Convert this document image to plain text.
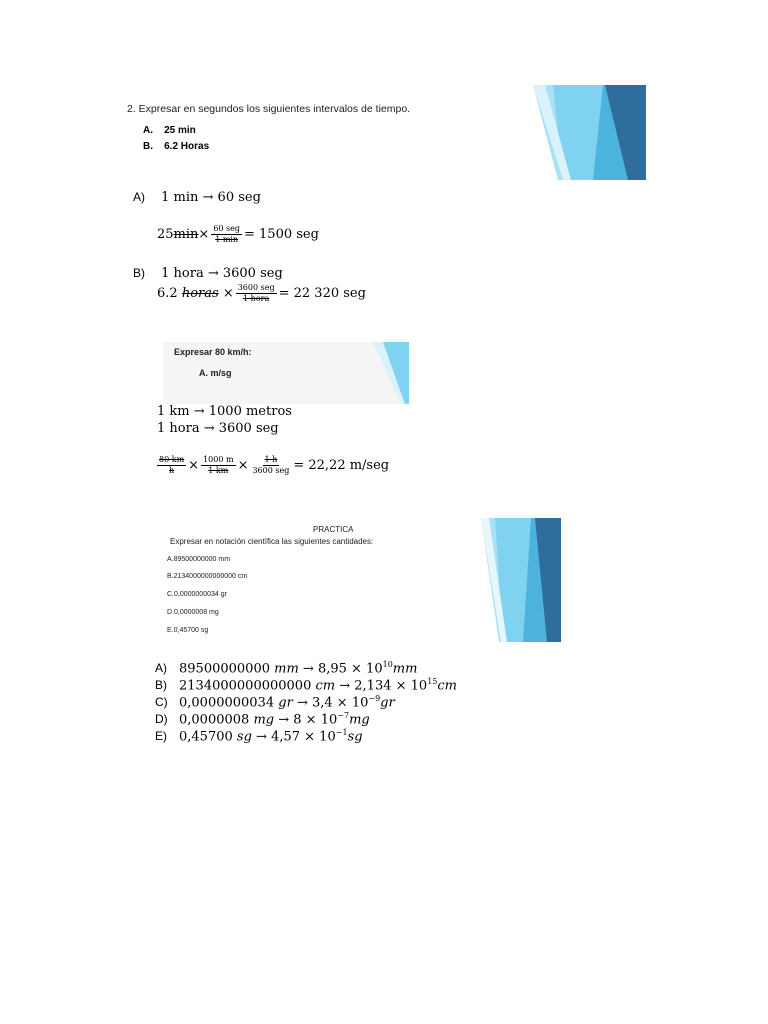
2. Expresar en segundos los siguientes intervalos de tiempo.
A.    25 min
B.    6.2 Horas
A) 1 min → 60 seg
$25\min\times \frac{\text{60 seg}}{1 \min} = 1500$ seg
B) 1 hora → 3600 seg
6.2 horas × $\frac{\text{3600 seg}}{\text{1 hora}} = 22$ 320 seg
Expresar 80 km/h:
A. m/sg
1 km → 1000 metros
1 hora → 3600 seg
$\frac{80 km}{h} \times \frac{1000 m}{1 km} \times \frac{1 h}{\text{3600 seg}} = 22,22$ m/seg
PRACTICA
Expresar en notación científica las siguientes cantidades:
A.89500000000 mm
B.2134000000000000 cm
C.0,0000000034 gr
D.0,0000008 mg
E.0,45700 sg
A) 89500000000 mm → $8,95 \times 10^{10}mm$
B) 2134000000000000 cm → $2,134 \times 10^{15}cm$
C) 0,0000000034 gr → $3,4 \times 10^{-9}gr$
D) 0,0000008 mg → $8 \times 10^{-7}mg$
E) 0,45700 sg → $4,57 \times 10^{-1}sg$
